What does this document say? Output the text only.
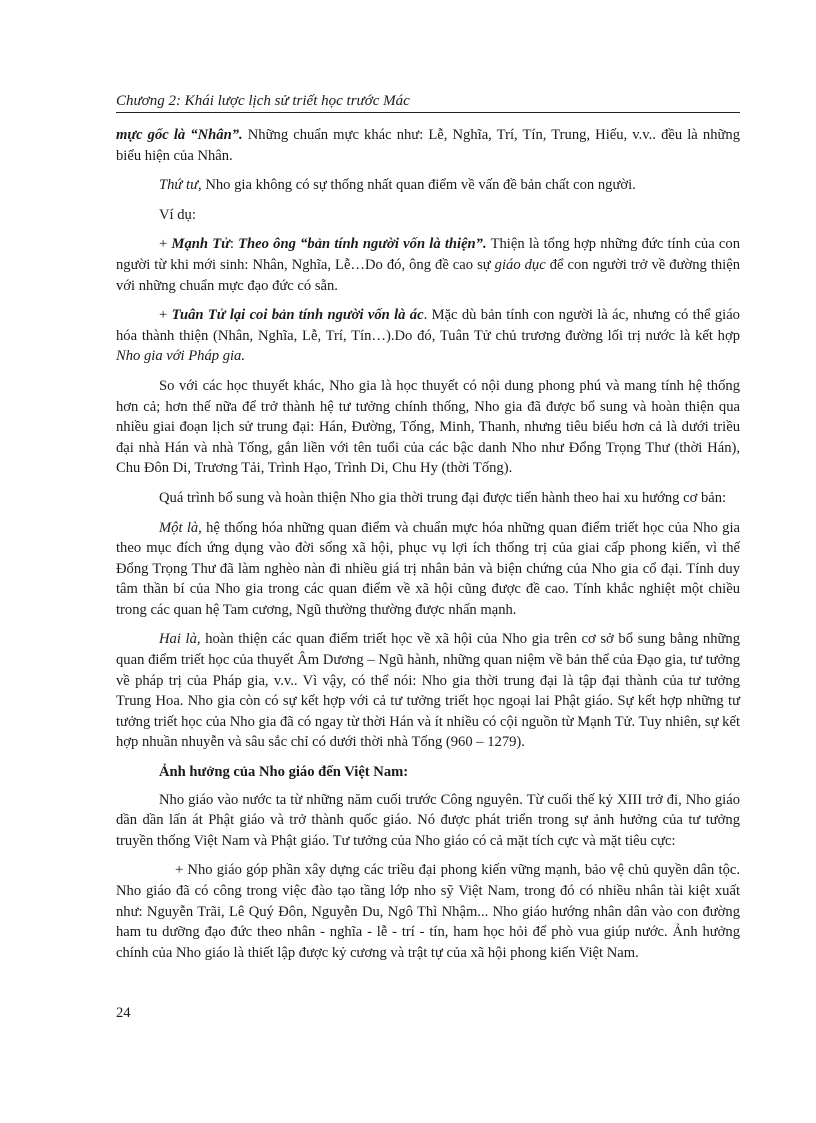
Chương 2: Khái lược lịch sử triết học trước Mác

mực gốc là “Nhân”. Những chuẩn mực khác như: Lễ, Nghĩa, Trí, Tín, Trung, Hiếu, v.v.. đều là những biểu hiện của Nhân.

Thứ tư, Nho gia không có sự thống nhất quan điểm về vấn đề bản chất con người.

Ví dụ:

+ Mạnh Tử: Theo ông “bản tính người vốn là thiện”. Thiện là tổng hợp những đức tính của con người từ khi mới sinh: Nhân, Nghĩa, Lễ…Do đó, ông đề cao sự giáo dục để con người trở về đường thiện với những chuẩn mực đạo đức có sẵn.

+ Tuân Tử lại coi bản tính người vốn là ác. Mặc dù bản tính con người là ác, nhưng có thể giáo hóa thành thiện (Nhân, Nghĩa, Lễ, Trí, Tín…).Do đó, Tuân Tử chủ trương đường lối trị nước là kết hợp Nho gia với Pháp gia.

So với các học thuyết khác, Nho gia là học thuyết có nội dung phong phú và mang tính hệ thống hơn cả; hơn thế nữa để trở thành hệ tư tưởng chính thống, Nho gia đã được bổ sung và hoàn thiện qua nhiều giai đoạn lịch sử trung đại: Hán, Đường, Tống, Minh, Thanh, nhưng tiêu biểu hơn cả là dưới triều đại nhà Hán và nhà Tống, gắn liền với tên tuổi của các bậc danh Nho như Đổng Trọng Thư (thời Hán), Chu Đôn Di, Trương Tải, Trình Hạo, Trình Di, Chu Hy (thời Tống).

Quá trình bổ sung và hoàn thiện Nho gia thời trung đại được tiến hành theo hai xu hướng cơ bản:

Một là, hệ thống hóa những quan điểm và chuẩn mực hóa những quan điểm triết học của Nho gia theo mục đích ứng dụng vào đời sống xã hội, phục vụ lợi ích thống trị của giai cấp phong kiến, vì thế Đổng Trọng Thư đã làm nghèo nàn đi nhiều giá trị nhân bản và biện chứng của Nho gia cổ đại. Tính duy tâm thần bí của Nho gia trong các quan điểm về xã hội cũng được đề cao. Tính khắc nghiệt một chiều trong các quan hệ Tam cương, Ngũ thường thường được nhấn mạnh.

Hai là, hoàn thiện các quan điểm triết học về xã hội của Nho gia trên cơ sở bổ sung bằng những quan điểm triết học của thuyết Âm Dương – Ngũ hành, những quan niệm về bản thể của Đạo gia, tư tưởng về pháp trị của Pháp gia, v.v.. Vì vậy, có thể nói: Nho gia thời trung đại là tập đại thành của tư tưởng Trung Hoa. Nho gia còn có sự kết hợp với cả tư tưởng triết học ngoại lai Phật giáo. Sự kết hợp những tư tưởng triết học của Nho gia đã có ngay từ thời Hán và ít nhiều có cội nguồn từ Mạnh Tử. Tuy nhiên, sự kết hợp nhuần nhuyễn và sâu sắc chỉ có dưới thời nhà Tống (960 – 1279).

Ảnh hưởng của Nho giáo đến Việt Nam:

Nho giáo vào nước ta từ những năm cuối trước Công nguyên. Từ cuối thế kỷ XIII trở đi, Nho giáo dần dần lấn át Phật giáo và trở thành quốc giáo. Nó được phát triển trong sự ảnh hưởng của tư tưởng truyền thống Việt Nam và Phật giáo. Tư tưởng của Nho giáo có cả mặt tích cực và mặt tiêu cực:

+ Nho giáo góp phần xây dựng các triều đại phong kiến vững mạnh, bảo vệ chủ quyền dân tộc. Nho giáo đã có công trong việc đào tạo tầng lớp nho sỹ Việt Nam, trong đó có nhiều nhân tài kiệt xuất như: Nguyễn Trãi, Lê Quý Đôn, Nguyễn Du, Ngô Thì Nhậm... Nho giáo hướng nhân dân vào con đường ham tu dưỡng đạo đức theo nhân - nghĩa - lễ - trí - tín, ham học hỏi để phò vua giúp nước. Ảnh hưởng chính của Nho giáo là thiết lập được kỷ cương và trật tự của xã hội phong kiến Việt Nam.

24
